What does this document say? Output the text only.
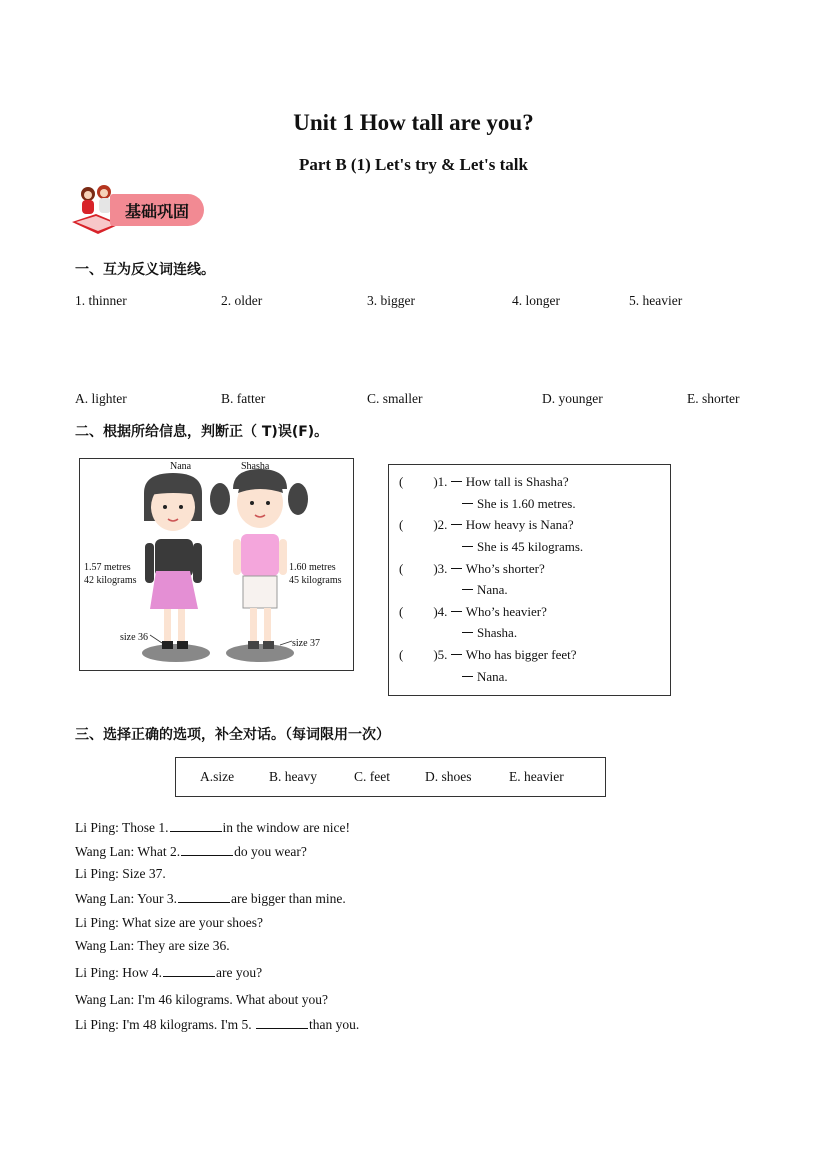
Unit 1 How tall are you?
Part B (1) Let's try & Let's talk
基础巩固
一、互为反义词连线。
1. thinner	2. older	3. bigger	4. longer	5. heavier
A. lighter	B. fatter	C. smaller	D. younger	E. shorter
二、根据所给信息，判断正（ T)误(F)。
Nana	Shasha
1.57 metres
42 kilograms
size 36
1.60 metres
45 kilograms
size 37
( )1. How tall is Shasha?
She is 1.60 metres.
( )2. How heavy is Nana?
She is 45 kilograms.
( )3. Who’s shorter?
Nana.
( )4. Who’s heavier?
Shasha.
( )5. Who has bigger feet?
Nana.
三、选择正确的选项，补全对话。（每词限用一次）
A.size	B. heavy	C. feet	D. shoes	E. heavier
Li Ping: Those 1.	in the window are nice!
Wang Lan: What 2.	do you wear?
Li Ping: Size 37.
Wang Lan: Your 3.	are bigger than mine.
Li Ping: What size are your shoes?
Wang Lan: They are size 36.
Li Ping: How 4.	are you?
Wang Lan: I'm 46 kilograms. What about you?
Li Ping: I'm 48 kilograms. I'm 5.	than you.
